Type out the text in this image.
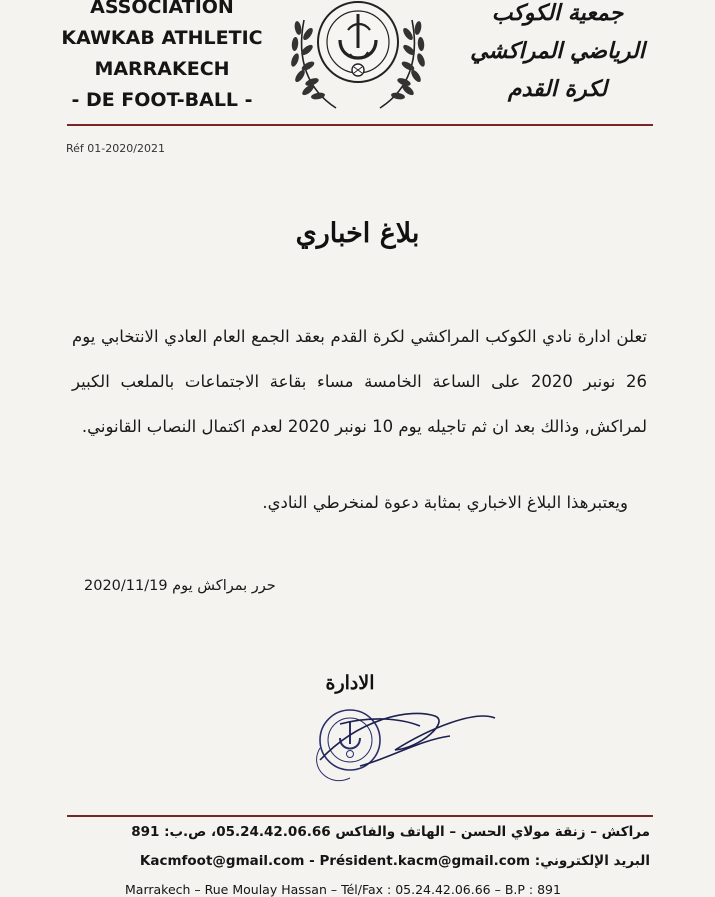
ASSOCIATION
KAWKAB ATHLETIC
MARRAKECH
- DE FOOT-BALL -
جمعية الكوكب
الرياضي المراكشي
لكرة القدم
Réf 01-2020/2021
بلاغ اخباري
تعلن ادارة نادي الكوكب المراكشي لكرة القدم بعقد الجمع العام العادي الانتخابي يوم 26 نونبر 2020 على الساعة الخامسة مساء بقاعة الاجتماعات بالملعب الكبير لمراكش, وذالك بعد ان ثم تاجيله يوم 10 نونبر 2020 لعدم اكتمال النصاب القانوني.
ويعتبرهذا البلاغ الاخباري بمثابة دعوة لمنخرطي النادي.
حرر بمراكش يوم 2020/11/19
الادارة
مراكش – زنقة مولاي الحسن – الهاتف والفاكس 05.24.42.06.66، ص.ب: 891
البريد الإلكتروني: Kacmfoot@gmail.com - Président.kacm@gmail.com
Marrakech – Rue Moulay Hassan – Tél/Fax : 05.24.42.06.66 – B.P : 891
